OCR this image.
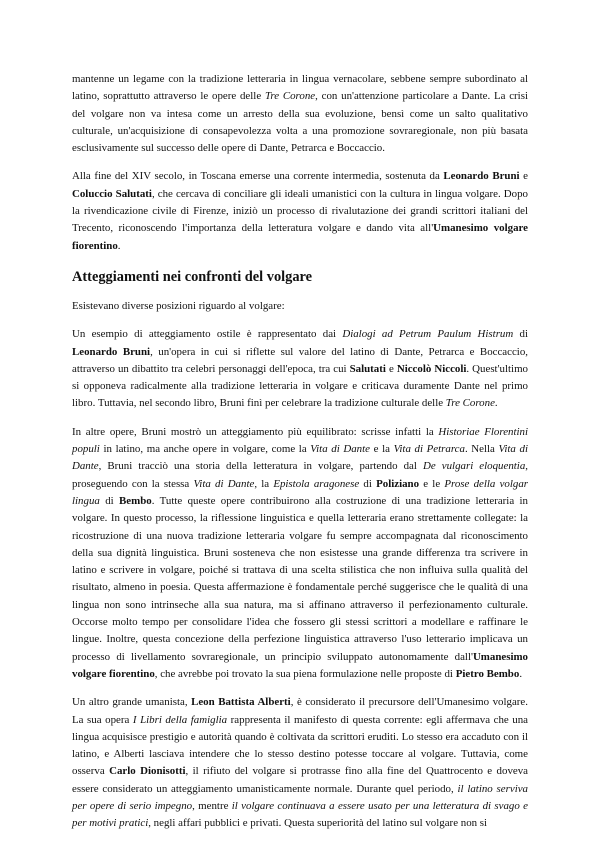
mantenne un legame con la tradizione letteraria in lingua vernacolare, sebbene sempre subordinato al latino, soprattutto attraverso le opere delle Tre Corone, con un'attenzione particolare a Dante. La crisi del volgare non va intesa come un arresto della sua evoluzione, bensì come un salto qualitativo culturale, un'acquisizione di consapevolezza volta a una promozione sovraregionale, non più basata esclusivamente sul successo delle opere di Dante, Petrarca e Boccaccio.

Alla fine del XIV secolo, in Toscana emerse una corrente intermedia, sostenuta da Leonardo Bruni e Coluccio Salutati, che cercava di conciliare gli ideali umanistici con la cultura in lingua volgare. Dopo la rivendicazione civile di Firenze, iniziò un processo di rivalutazione dei grandi scrittori italiani del Trecento, riconoscendo l'importanza della letteratura volgare e dando vita all'Umanesimo volgare fiorentino.

Atteggiamenti nei confronti del volgare

Esistevano diverse posizioni riguardo al volgare:

Un esempio di atteggiamento ostile è rappresentato dai Dialogi ad Petrum Paulum Histrum di Leonardo Bruni, un'opera in cui si riflette sul valore del latino di Dante, Petrarca e Boccaccio, attraverso un dibattito tra celebri personaggi dell'epoca, tra cui Salutati e Niccolò Niccoli. Quest'ultimo si opponeva radicalmente alla tradizione letteraria in volgare e criticava duramente Dante nel primo libro. Tuttavia, nel secondo libro, Bruni finì per celebrare la tradizione culturale delle Tre Corone.

In altre opere, Bruni mostrò un atteggiamento più equilibrato: scrisse infatti la Historiae Florentini populi in latino, ma anche opere in volgare, come la Vita di Dante e la Vita di Petrarca. Nella Vita di Dante, Bruni tracciò una storia della letteratura in volgare, partendo dal De vulgari eloquentia, proseguendo con la stessa Vita di Dante, la Epistola aragonese di Poliziano e le Prose della volgar lingua di Bembo. Tutte queste opere contribuirono alla costruzione di una tradizione letteraria in volgare. In questo processo, la riflessione linguistica e quella letteraria erano strettamente collegate: la ricostruzione di una nuova tradizione letteraria volgare fu sempre accompagnata dal riconoscimento della sua dignità linguistica. Bruni sosteneva che non esistesse una grande differenza tra scrivere in latino e scrivere in volgare, poiché si trattava di una scelta stilistica che non influiva sulla qualità del risultato, almeno in poesia. Questa affermazione è fondamentale perché suggerisce che le qualità di una lingua non sono intrinseche alla sua natura, ma si affinano attraverso il perfezionamento culturale. Occorse molto tempo per consolidare l'idea che fossero gli stessi scrittori a modellare e raffinare le lingue. Inoltre, questa concezione della perfezione linguistica attraverso l'uso letterario implicava un processo di livellamento sovraregionale, un principio sviluppato autonomamente dall'Umanesimo volgare fiorentino, che avrebbe poi trovato la sua piena formulazione nelle proposte di Pietro Bembo.

Un altro grande umanista, Leon Battista Alberti, è considerato il precursore dell'Umanesimo volgare. La sua opera I Libri della famiglia rappresenta il manifesto di questa corrente: egli affermava che una lingua acquisisce prestigio e autorità quando è coltivata da scrittori eruditi. Lo stesso era accaduto con il latino, e Alberti lasciava intendere che lo stesso destino potesse toccare al volgare. Tuttavia, come osserva Carlo Dionisotti, il rifiuto del volgare si protrasse fino alla fine del Quattrocento e doveva essere considerato un atteggiamento umanisticamente normale. Durante quel periodo, il latino serviva per opere di serio impegno, mentre il volgare continuava a essere usato per una letteratura di svago e per motivi pratici, negli affari pubblici e privati. Questa superiorità del latino sul volgare non si
